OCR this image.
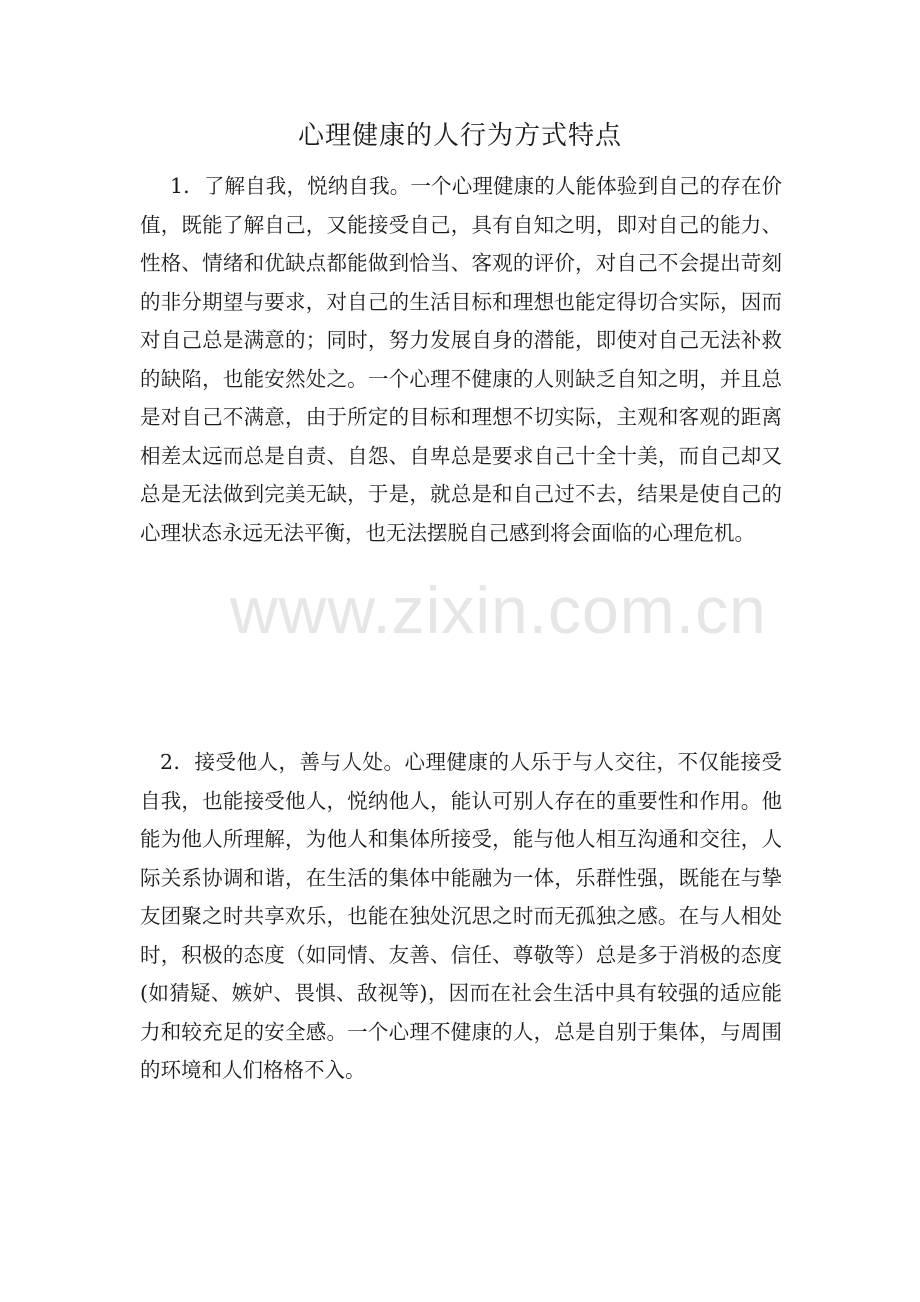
www.zixin.com.cn
心理健康的人行为方式特点

1．了解自我，悦纳自我。一个心理健康的人能体验到自己的存在价值，既能了解自己，又能接受自己，具有自知之明，即对自己的能力、性格、情绪和优缺点都能做到恰当、客观的评价，对自己不会提出苛刻的非分期望与要求，对自己的生活目标和理想也能定得切合实际，因而对自己总是满意的；同时，努力发展自身的潜能，即使对自己无法补救的缺陷，也能安然处之。一个心理不健康的人则缺乏自知之明，并且总是对自己不满意，由于所定的目标和理想不切实际，主观和客观的距离相差太远而总是自责、自怨、自卑总是要求自己十全十美，而自己却又总是无法做到完美无缺，于是，就总是和自己过不去，结果是使自己的心理状态永远无法平衡，也无法摆脱自己感到将会面临的心理危机。

2．接受他人，善与人处。心理健康的人乐于与人交往，不仅能接受自我，也能接受他人，悦纳他人，能认可别人存在的重要性和作用。他能为他人所理解，为他人和集体所接受，能与他人相互沟通和交往，人际关系协调和谐，在生活的集体中能融为一体，乐群性强，既能在与挚友团聚之时共享欢乐，也能在独处沉思之时而无孤独之感。在与人相处时，积极的态度（如同情、友善、信任、尊敬等）总是多于消极的态度(如猜疑、嫉妒、畏惧、敌视等)，因而在社会生活中具有较强的适应能力和较充足的安全感。一个心理不健康的人，总是自别于集体，与周围的环境和人们格格不入。
